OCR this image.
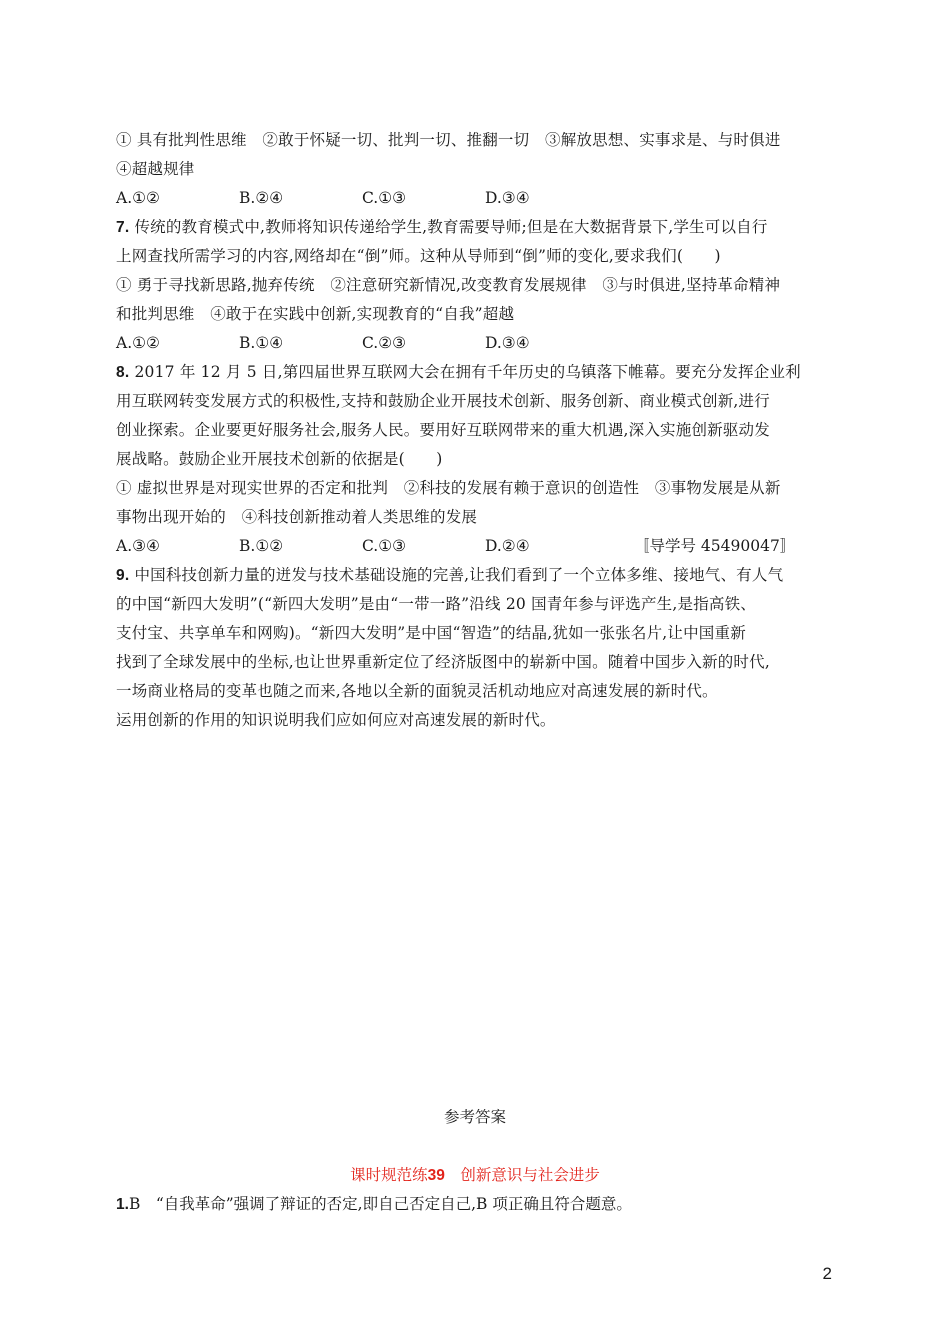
① 具有批判性思维　②敢于怀疑一切、批判一切、推翻一切　③解放思想、实事求是、与时俱进
④超越规律
A.①②	B.②④	C.①③	D.③④
7. 传统的教育模式中,教师将知识传递给学生,教育需要导师;但是在大数据背景下,学生可以自行
上网查找所需学习的内容,网络却在“倒”师。这种从导师到“倒”师的变化,要求我们(　　)
① 勇于寻找新思路,抛弃传统　②注意研究新情况,改变教育发展规律　③与时俱进,坚持革命精神
和批判思维　④敢于在实践中创新,实现教育的“自我”超越
A.①②	B.①④	C.②③	D.③④
8. 2017 年 12 月 5 日,第四届世界互联网大会在拥有千年历史的乌镇落下帷幕。要充分发挥企业利
用互联网转变发展方式的积极性,支持和鼓励企业开展技术创新、服务创新、商业模式创新,进行
创业探索。企业要更好服务社会,服务人民。要用好互联网带来的重大机遇,深入实施创新驱动发
展战略。鼓励企业开展技术创新的依据是(　　)
① 虚拟世界是对现实世界的否定和批判　②科技的发展有赖于意识的创造性　③事物发展是从新
事物出现开始的　④科技创新推动着人类思维的发展
A.③④	B.①②	C.①③	D.②④	〚导学号 45490047〛
9. 中国科技创新力量的迸发与技术基础设施的完善,让我们看到了一个立体多维、接地气、有人气
的中国“新四大发明”(“新四大发明”是由“一带一路”沿线 20 国青年参与评选产生,是指高铁、
支付宝、共享单车和网购)。“新四大发明”是中国“智造”的结晶,犹如一张张名片,让中国重新
找到了全球发展中的坐标,也让世界重新定位了经济版图中的崭新中国。随着中国步入新的时代,
一场商业格局的变革也随之而来,各地以全新的面貌灵活机动地应对高速发展的新时代。
运用创新的作用的知识说明我们应如何应对高速发展的新时代。
参考答案
课时规范练39　创新意识与社会进步
1.B　“自我革命”强调了辩证的否定,即自己否定自己,B 项正确且符合题意。
2
